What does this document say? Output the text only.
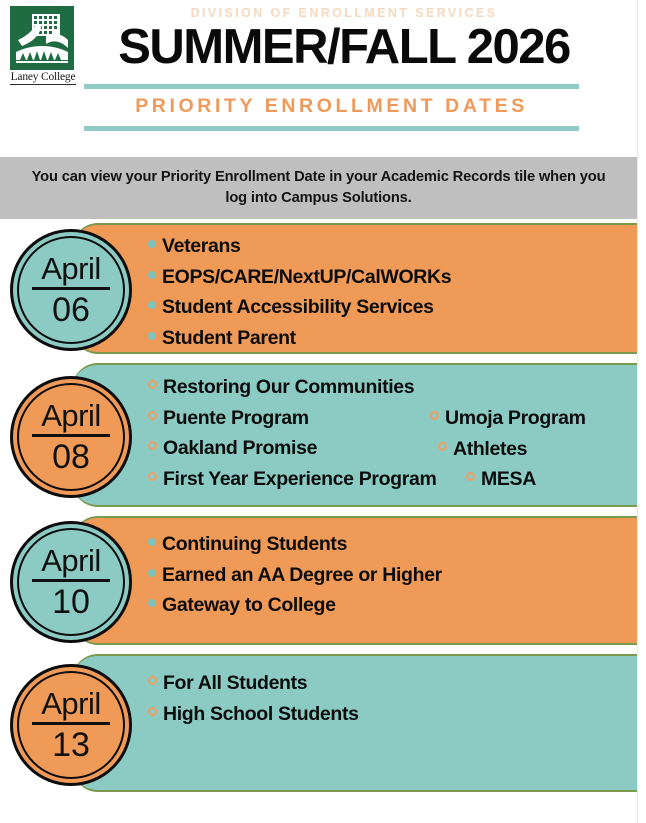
Laney College
DIVISION OF ENROLLMENT SERVICES
SUMMER/FALL 2026
PRIORITY ENROLLMENT DATES
You can view your Priority Enrollment Date in your Academic Records tile when you log into Campus Solutions.
April
06
Veterans
EOPS/CARE/NextUP/CalWORKs
Student Accessibility Services
Student Parent
April
08
Restoring Our Communities
Puente Program
Oakland Promise
First Year Experience Program
Umoja Program
Athletes
MESA
April
10
Continuing Students
Earned an AA Degree or Higher
Gateway to College
April
13
For All Students
High School Students
